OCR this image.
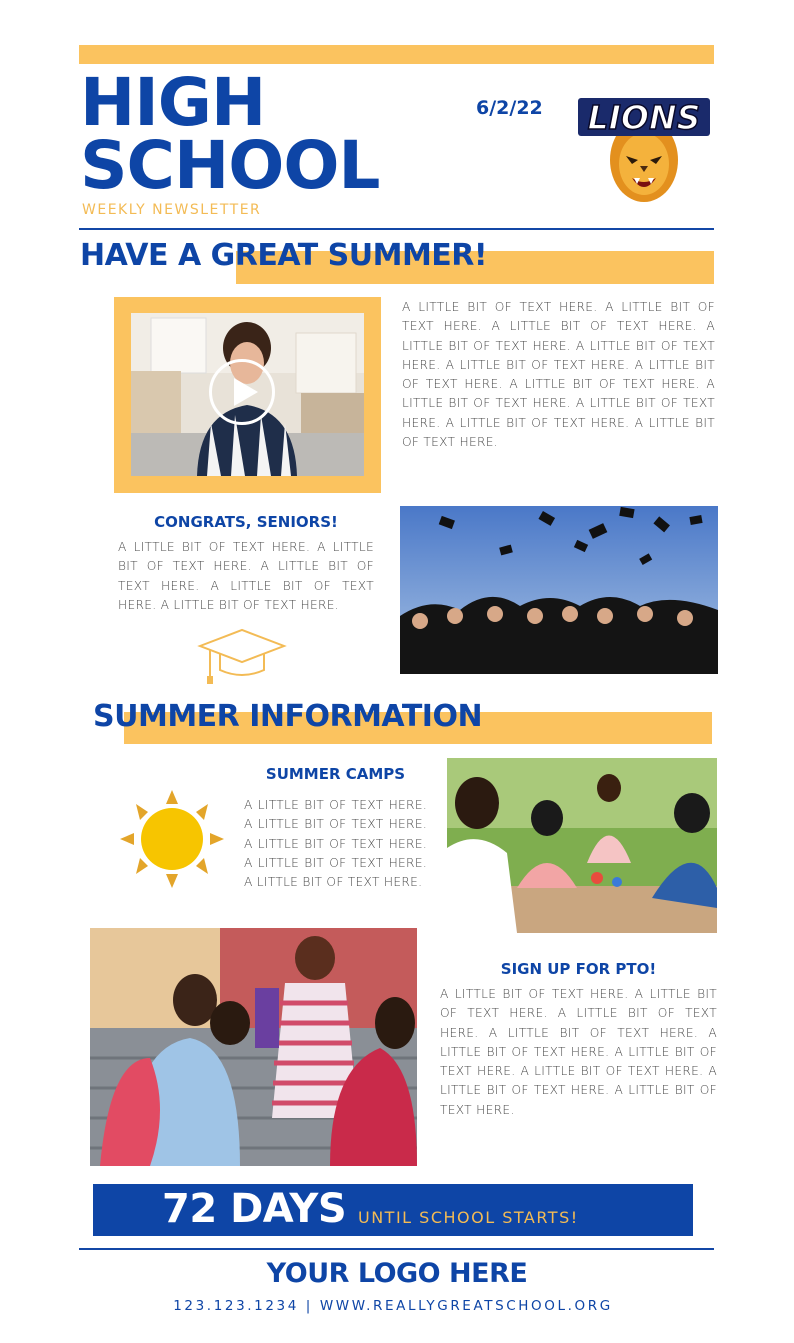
HIGH
SCHOOL
WEEKLY NEWSLETTER
6/2/22 LIONS
HAVE A GREAT SUMMER!
A LITTLE BIT OF TEXT HERE. A LITTLE BIT OF TEXT HERE. A LITTLE BIT OF TEXT HERE. A LITTLE BIT OF TEXT HERE. A LITTLE BIT OF TEXT HERE. A LITTLE BIT OF TEXT HERE. A LITTLE BIT OF TEXT HERE. A LITTLE BIT OF TEXT HERE. A LITTLE BIT OF TEXT HERE. A LITTLE BIT OF TEXT HERE. A LITTLE BIT OF TEXT HERE. A LITTLE BIT OF TEXT HERE.
CONGRATS, SENIORS!
A LITTLE BIT OF TEXT HERE. A LITTLE BIT OF TEXT HERE. A LITTLE BIT OF TEXT HERE. A LITTLE BIT OF TEXT HERE. A LITTLE BIT OF TEXT HERE.
SUMMER INFORMATION
SUMMER CAMPS
A LITTLE BIT OF TEXT HERE. A LITTLE BIT OF TEXT HERE. A LITTLE BIT OF TEXT HERE. A LITTLE BIT OF TEXT HERE. A LITTLE BIT OF TEXT HERE.
SIGN UP FOR PTO!
A LITTLE BIT OF TEXT HERE. A LITTLE BIT OF TEXT HERE. A LITTLE BIT OF TEXT HERE. A LITTLE BIT OF TEXT HERE. A LITTLE BIT OF TEXT HERE. A LITTLE BIT OF TEXT HERE. A LITTLE BIT OF TEXT HERE. A LITTLE BIT OF TEXT HERE. A LITTLE BIT OF TEXT HERE.
72 DAYS UNTIL SCHOOL STARTS!
YOUR LOGO HERE
123.123.1234 | WWW.REALLYGREATSCHOOL.ORG
